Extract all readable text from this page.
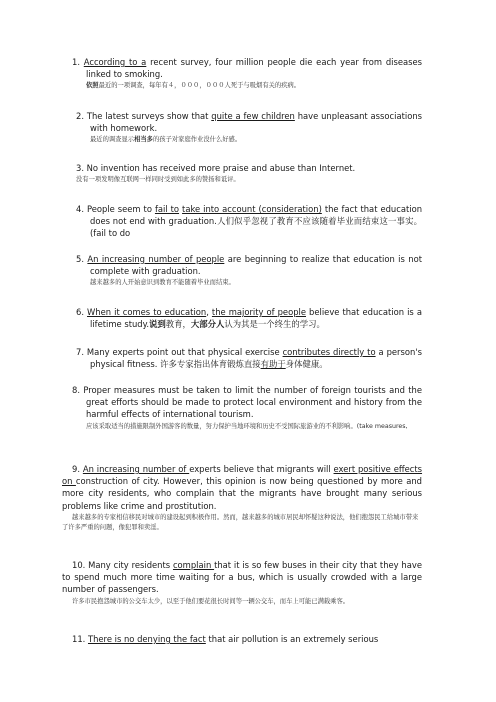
1. According to a recent survey, four million people die each year from diseases linked to smoking.

依照最近的一项调查，每年有４，０００，０００人死于与吸烟有关的疾病。

2. The latest surveys show that quite a few children have unpleasant associations with homework.

最近的调查显示相当多的孩子对家庭作业没什么好感。

3. No invention has received more praise and abuse than Internet.

没有一项发明像互联网一样同时受到如此多的赞扬和诋评。

4. People seem to fail to take into account (consideration) the fact that education does not end with graduation.人们似乎忽视了教育不应该随着毕业而结束这一事实。(fail to do

5. An increasing number of people are beginning to realize that education is not complete with graduation.

越来越多的人开始意识到教育不能随着毕业而结束。

6. When it comes to education, the majority of people believe that education is a lifetime study.说到教育，大部分人认为其是一个终生的学习。

7. Many experts point out that physical exercise contributes directly to a person's physical fitness. 许多专家指出体育锻炼直接有助于身体健康。

8. Proper measures must be taken to limit the number of foreign tourists and the great efforts should be made to protect local environment and history from the harmful effects of international tourism.

应该采取适当的措施限制外国游客的数量，努力保护当地环境和历史不受国际旅游业的不利影响。(take measures,

9. An increasing number of experts believe that migrants will exert positive effects on construction of city. However, this opinion is now being questioned by more and more city residents, who complain that the migrants have brought many serious problems like crime and prostitution.

越来越多的专家相信移民对城市的建设起到积极作用。然而，越来越多的城市居民却怀疑这种说法，他们抱怨民工给城市带来了许多严重的问题，像犯罪和卖淫。

10. Many city residents complain that it is so few buses in their city that they have to spend much more time waiting for a bus, which is usually crowded with a large number of passengers.

许多市民抱怨城市的公交车太少，以至于他们要花很长时间等一辆公交车，而车上可能已满载乘客。

11. There is no denying the fact that air pollution is an extremely serious
